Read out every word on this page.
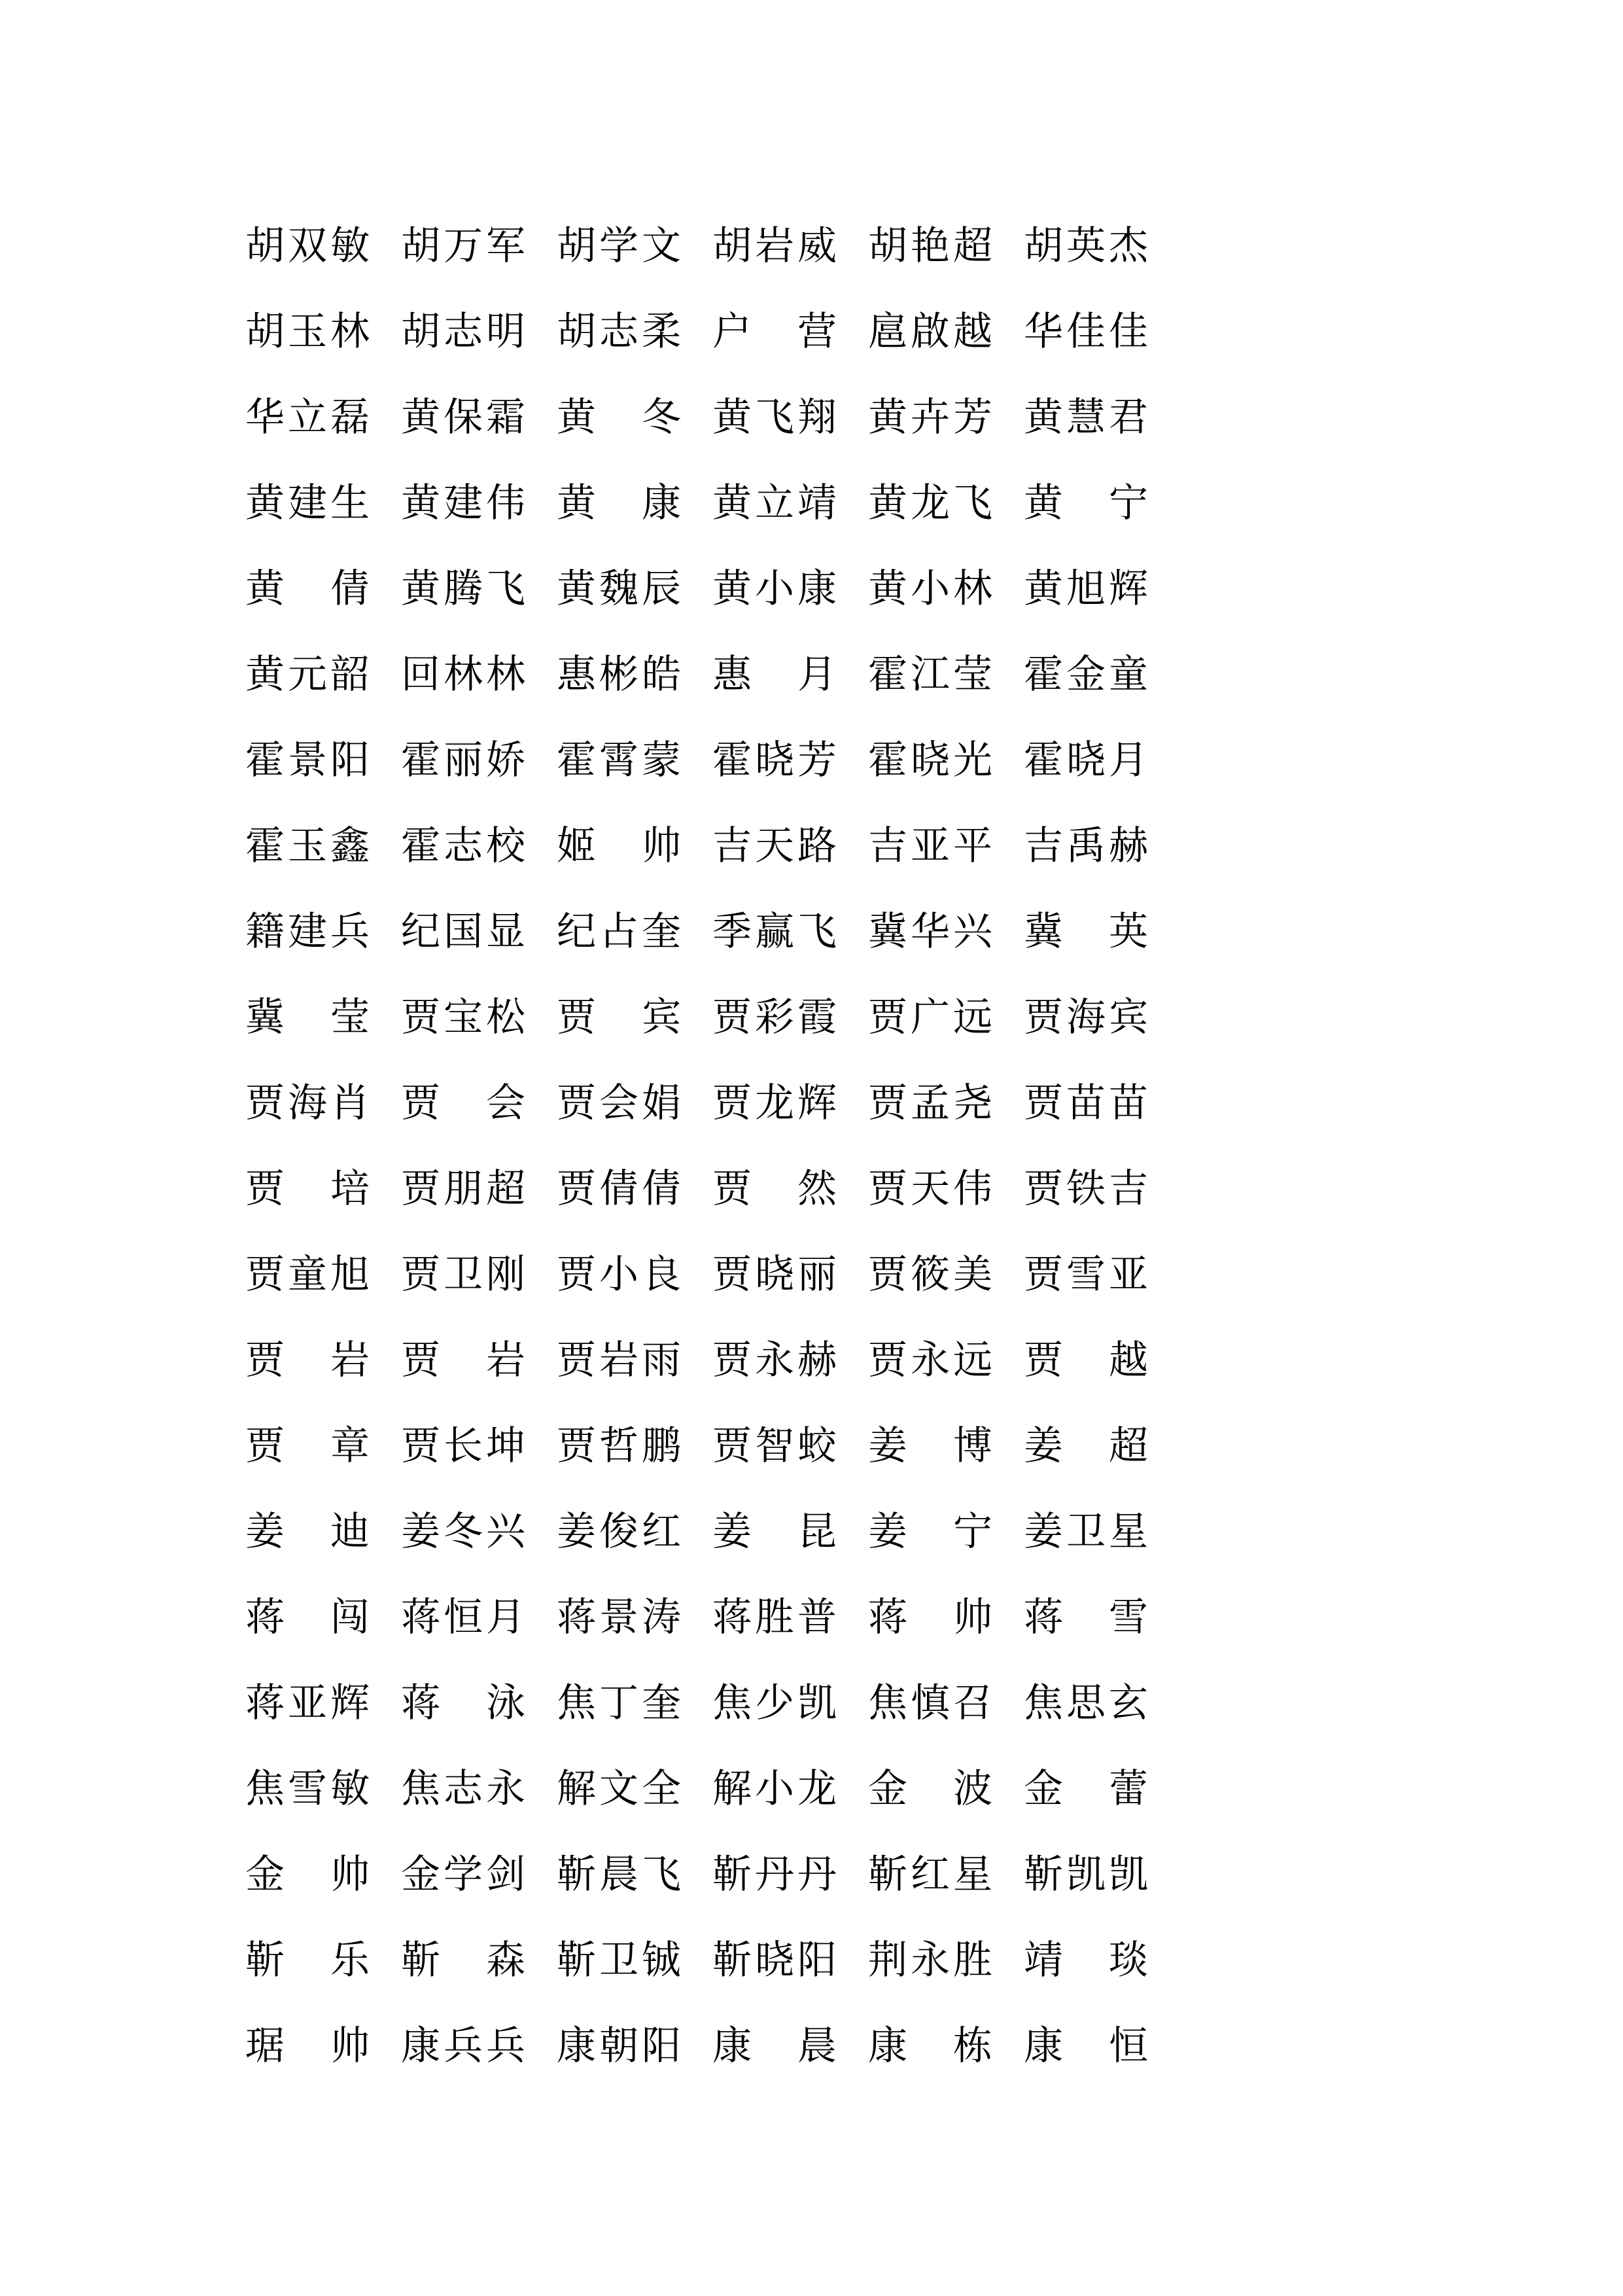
胡 双 敏 胡 万 军 胡 学 文 胡 岩 威 胡 艳 超 胡 英 杰
胡 玉 林 胡 志 明 胡 志 柔 户 营 扈 啟 越 华 佳 佳
华 立 磊 黄 保 霜 黄 冬 黄 飞 翔 黄 卉 芳 黄 慧 君
黄 建 生 黄 建 伟 黄 康 黄 立 靖 黄 龙 飞 黄 宁
黄 倩 黄 腾 飞 黄 魏 辰 黄 小 康 黄 小 林 黄 旭 辉
黄 元 韶 回 林 林 惠 彬 皓 惠 月 霍 江 莹 霍 金 童
霍 景 阳 霍 丽 娇 霍 霄 蒙 霍 晓 芳 霍 晓 光 霍 晓 月
霍 玉 鑫 霍 志 校 姬 帅 吉 天 路 吉 亚 平 吉 禹 赫
籍 建 兵 纪 国 显 纪 占 奎 季 赢 飞 冀 华 兴 冀 英
冀 莹 贾 宝 松 贾 宾 贾 彩 霞 贾 广 远 贾 海 宾
贾 海 肖 贾 会 贾 会 娟 贾 龙 辉 贾 孟 尧 贾 苗 苗
贾 培 贾 朋 超 贾 倩 倩 贾 然 贾 天 伟 贾 铁 吉
贾 童 旭 贾 卫 刚 贾 小 良 贾 晓 丽 贾 筱 美 贾 雪 亚
贾 岩 贾 岩 贾 岩 雨 贾 永 赫 贾 永 远 贾 越
贾 章 贾 长 坤 贾 哲 鹏 贾 智 蛟 姜 博 姜 超
姜 迪 姜 冬 兴 姜 俊 红 姜 昆 姜 宁 姜 卫 星
蒋 闯 蒋 恒 月 蒋 景 涛 蒋 胜 普 蒋 帅 蒋 雪
蒋 亚 辉 蒋 泳 焦 丁 奎 焦 少 凯 焦 慎 召 焦 思 玄
焦 雪 敏 焦 志 永 解 文 全 解 小 龙 金 波 金 蕾
金 帅 金 学 剑 靳 晨 飞 靳 丹 丹 靳 红 星 靳 凯 凯
靳 乐 靳 森 靳 卫 铖 靳 晓 阳 荆 永 胜 靖 琰
琚 帅 康 兵 兵 康 朝 阳 康 晨 康 栋 康 恒
